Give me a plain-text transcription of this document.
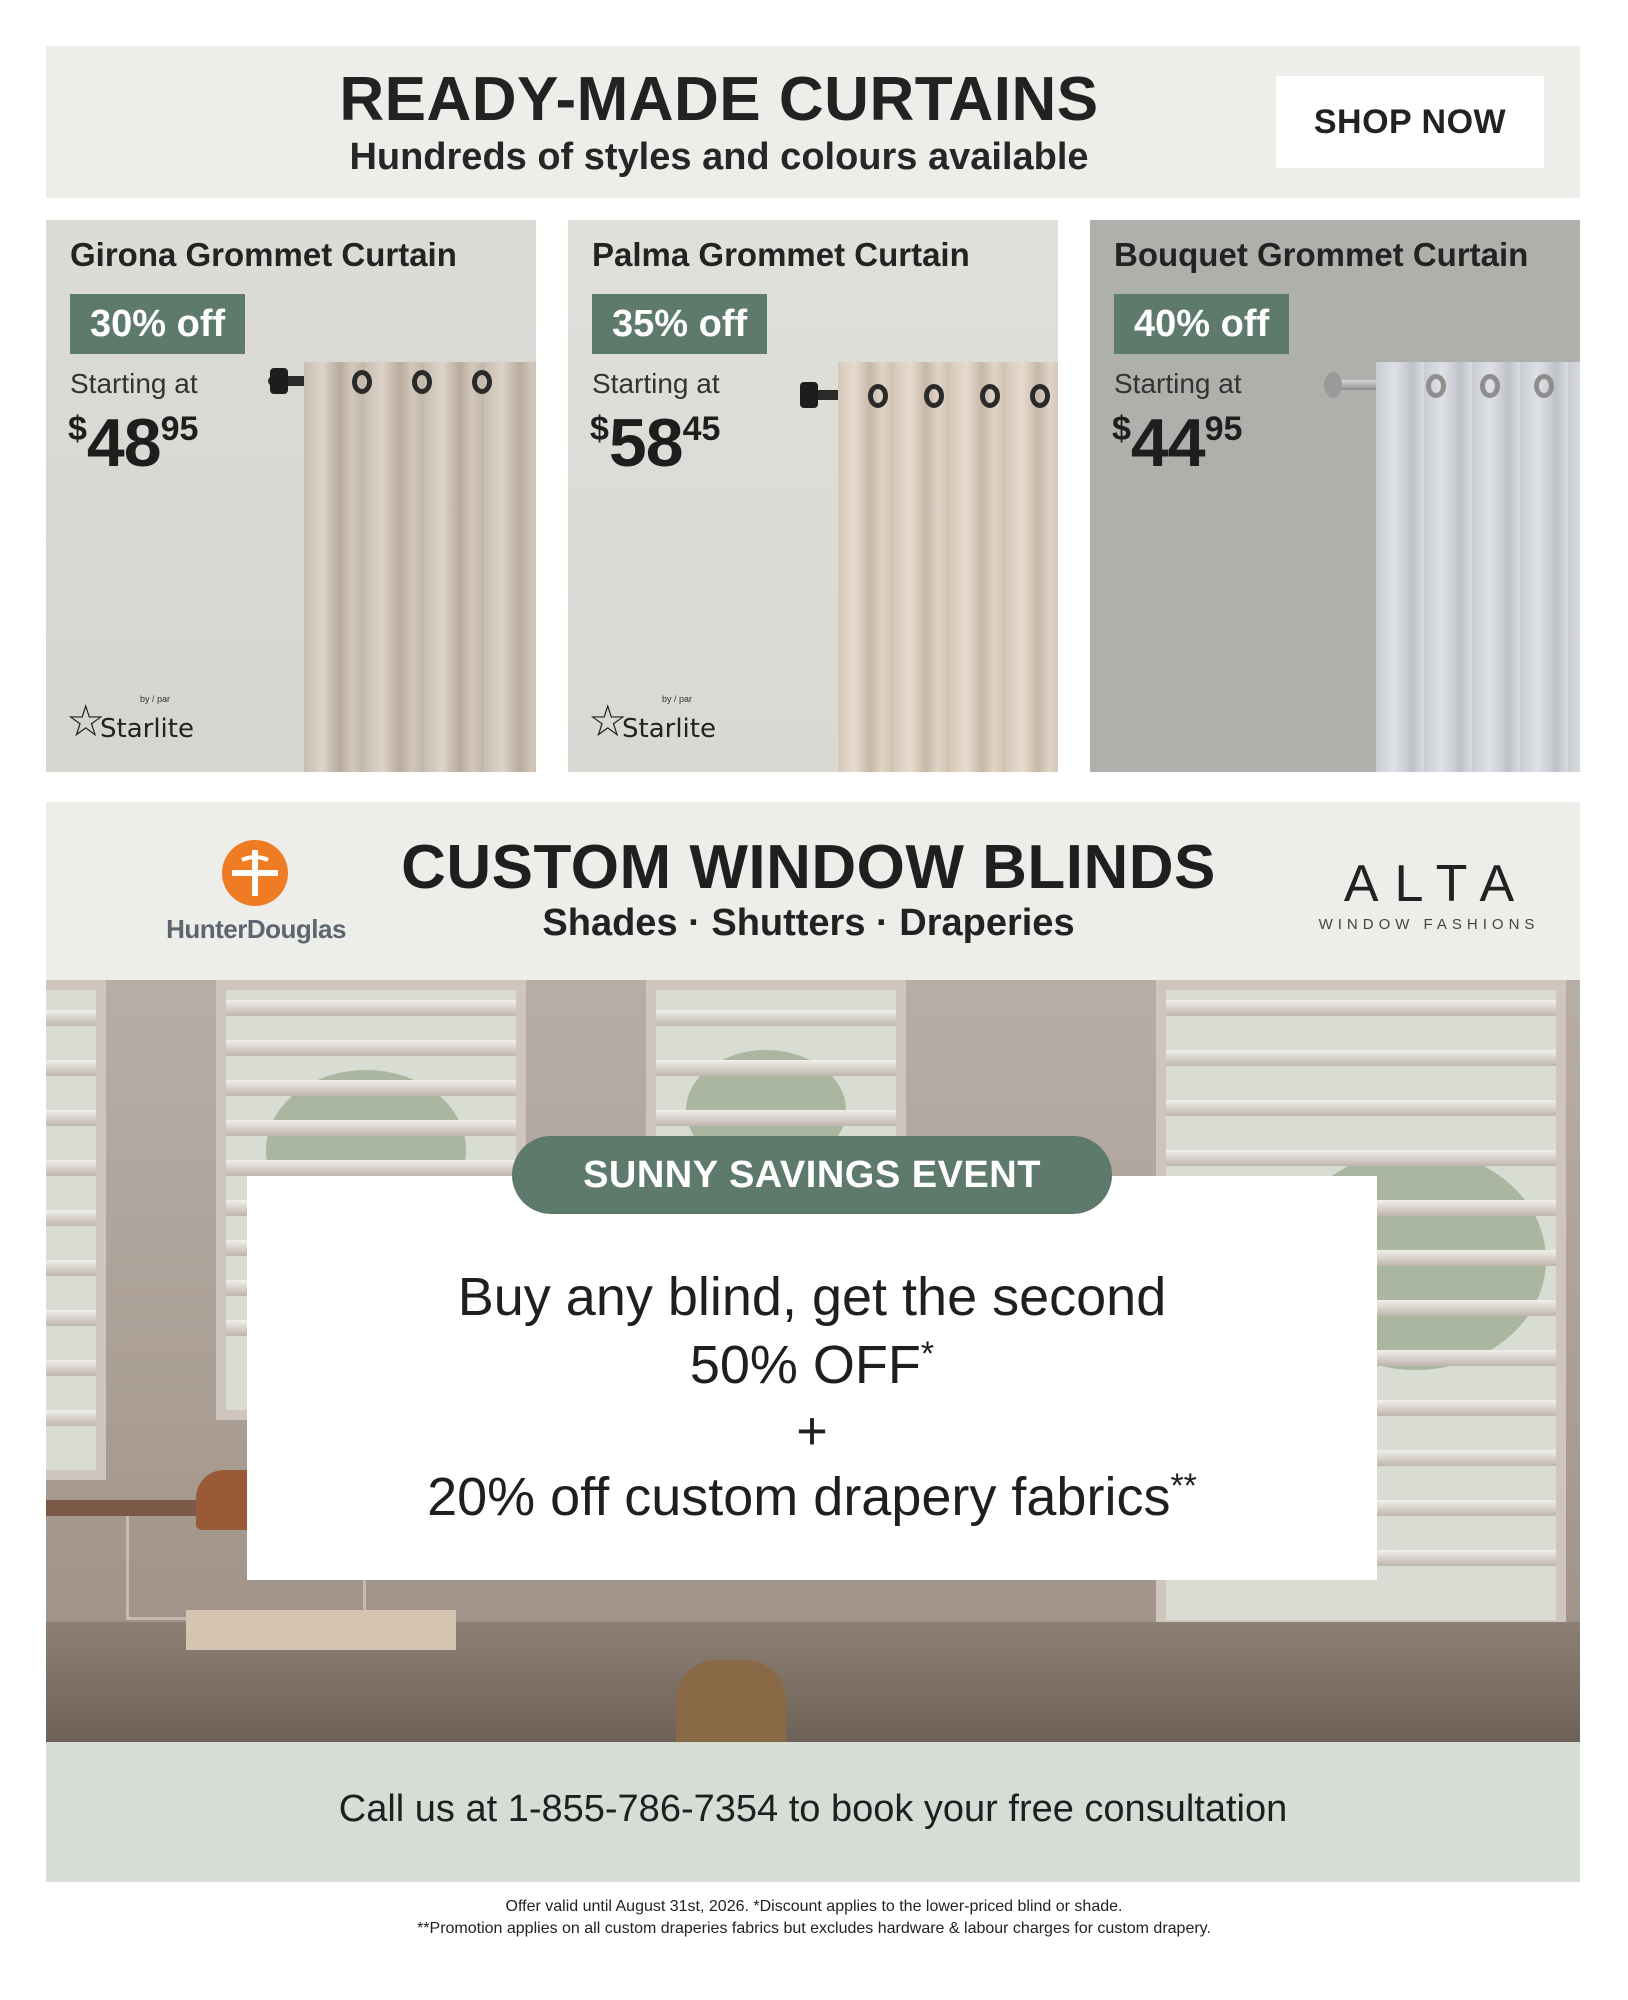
READY-MADE CURTAINS
Hundreds of styles and colours available
SHOP NOW
Girona Grommet Curtain
30% off
Starting at
$4895
☆	by / par
Starlite
Palma Grommet Curtain
35% off
Starting at
$5845
☆	by / par
Starlite
Bouquet Grommet Curtain
40% off
Starting at
$4495
HunterDouglas
CUSTOM WINDOW BLINDS
Shades · Shutters · Draperies
ALTA
WINDOW FASHIONS
SUNNY SAVINGS EVENT
Buy any blind, get the second
50% OFF*
+
20% off custom drapery fabrics**
Call us at 1-855-786-7354 to book your free consultation
Offer valid until August 31st, 2026. *Discount applies to the lower-priced blind or shade.
**Promotion applies on all custom draperies fabrics but excludes hardware & labour charges for custom drapery.
